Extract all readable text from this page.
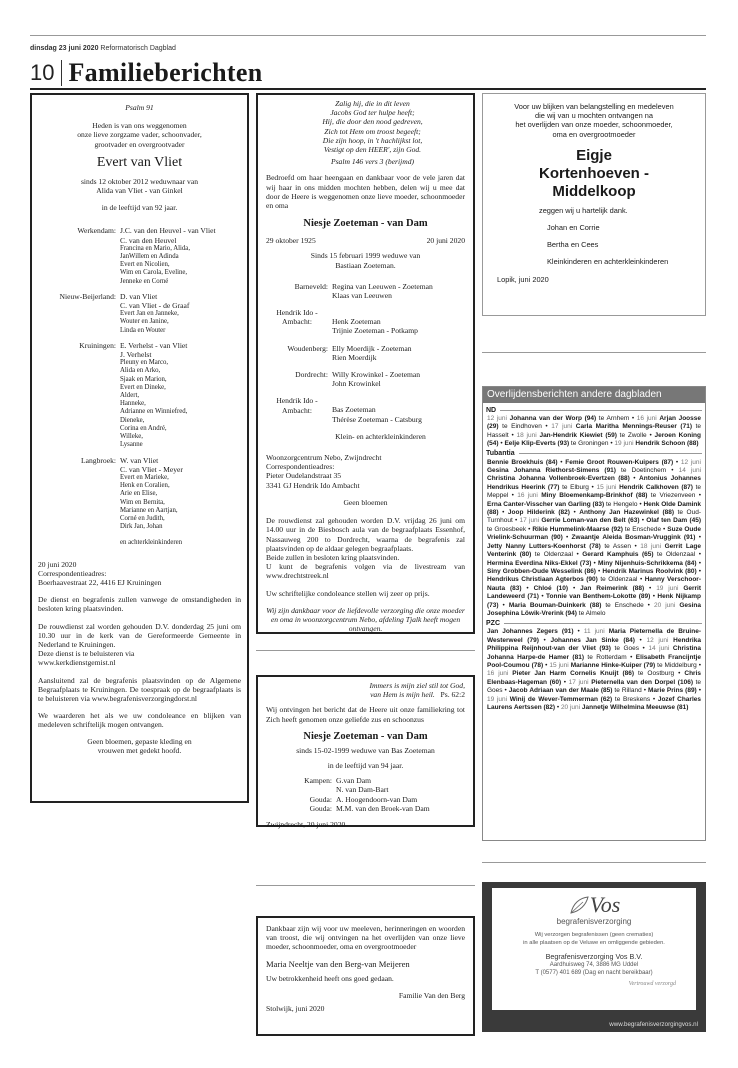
dinsdag 23 juni 2020 Reformatorisch Dagblad
10 Familieberichten
Psalm 91
Heden is van ons weggenomen
onze lieve zorgzame vader, schoonvader,
grootvader en overgrootvader
Evert van Vliet
sinds 12 oktober 2012 weduwnaar van
Alida van Vliet - van Ginkel
in de leeftijd van 92 jaar.
Werkendam: J.C. van den Heuvel - van Vliet
C. van den Heuvel
Francina en Mario, Alida,
JanWillem en Adinda
Evert en Nicolien,
Wim en Carola, Eveline,
Jenneke en Corné
Nieuw-Beijerland: D. van Vliet
C. van Vliet - de Graaf
Evert Jan en Janneke,
Wouter en Janine,
Linda en Wouter
Kruiningen: E. Verhelst - van Vliet
J. Verhelst
Pleuny en Marco,
Alida en Arko,
Sjaak en Marion,
Evert en Dineke,
Aldert,
Hanneke,
Adrianne en Winniefred,
Dieneke,
Corina en André,
Willeke,
Lysanne
Langbroek: W. van Vliet
C. van Vliet - Meyer
Evert en Marieke,
Henk en Coralien,
Arie en Elise,
Wim en Bernita,
Marianne en Aartjan,
Corné en Judith,
Dirk Jan, Johan
en achterkleinkinderen
20 juni 2020
Correspondentieadres:
Boerhaavestraat 22, 4416 EJ Kruiningen
De dienst en begrafenis zullen vanwege de omstandigheden in besloten kring plaatsvinden.
De rouwdienst zal worden gehouden D.V. donderdag 25 juni om 10.30 uur in de kerk van de Gereformeerde Gemeente in Nederland te Kruiningen.
Deze dienst is te beluisteren via
www.kerkdienstgemist.nl
Aansluitend zal de begrafenis plaatsvinden op de Algemene Begraafplaats te Kruiningen. De toespraak op de begraafplaats is te beluisteren via www.begrafenisverzorgingdorst.nl
We waarderen het als we uw condoleance en blijken van medeleven schriftelijk mogen ontvangen.
Geen bloemen, gepaste kleding en
vrouwen met gedekt hoofd.
Zalig hij, die in dit leven
Jacobs God ter hulpe heeft;
Hij, die door den nood gedreven,
Zich tot Hem om troost begeeft;
Die zijn hoop, in 't hachlijkst lot,
Vestigt op den HEER', zijn God.
Psalm 146 vers 3 (berijmd)
Bedroefd om haar heengaan en dankbaar voor de vele jaren dat wij haar in ons midden mochten hebben, delen wij u mee dat door de Heere is weggenomen onze lieve moeder, schoonmoeder en oma
Niesje Zoeteman - van Dam
29 oktober 1925	20 juni 2020
Sinds 15 februari 1999 weduwe van
Bastiaan Zoeteman.
Barneveld: Regina van Leeuwen - Zoeteman
Klaas van Leeuwen
Hendrik Ido - Ambacht:	Henk Zoeteman
Trijnie Zoeteman - Potkamp
Woudenberg: Elly Moerdijk - Zoeteman
Rien Moerdijk
Dordrecht: Willy Krowinkel - Zoeteman
John Krowinkel
Hendrik Ido - Ambacht:	Bas Zoeteman
Thérèse Zoeteman - Catsburg
Klein- en achterkleinkinderen
Woonzorgcentrum Nebo, Zwijndrecht
Correspondentieadres:
Pieter Oudelandstraat 35
3341 GJ Hendrik Ido Ambacht
Geen bloemen
De rouwdienst zal gehouden worden D.V. vrijdag 26 juni om 14.00 uur in de Biesbosch aula van de begraafplaats Essenhof, Nassauweg 200 to Dordrecht, waarna de begrafenis zal plaatsvinden op de aldaar gelegen begraafplaats.
Beide zullen in besloten kring plaatsvinden.
U kunt de begrafenis volgen via de livestream van www.drechtstreek.nl
Uw schriftelijke condoleance stellen wij zeer op prijs.
Wij zijn dankbaar voor de liefdevolle verzorging die onze moeder en oma in woonzorgcentrum Nebo, afdeling Tjalk heeft mogen ontvangen.
Immers is mijn ziel stil tot God,
van Hem is mijn heil. Ps. 62:2
Wij ontvingen het bericht dat de Heere uit onze familiekring tot Zich heeft genomen onze geliefde zus en schoonzus
Niesje Zoeteman - van Dam
sinds 15-02-1999 weduwe van Bas Zoeteman
in de leeftijd van 94 jaar.
Kampen: G.van Dam
N. van Dam-Bart
Gouda: A. Hoogendoorn-van Dam
Gouda: M.M. van den Broek-van Dam
Zwijndrecht, 20 juni 2020
Dankbaar zijn wij voor uw meeleven, herinneringen en woorden van troost, die wij ontvingen na het overlijden van onze lieve moeder, schoonmoeder, oma en overgrootmoeder
Maria Neeltje van den Berg-van Meijeren
Uw betrokkenheid heeft ons goed gedaan.
Familie Van den Berg
Stolwijk, juni 2020
Voor uw blijken van belangstelling en medeleven
die wij van u mochten ontvangen na
het overlijden van onze moeder, schoonmoeder,
oma en overgrootmoeder
Eigje
Kortenhoeven -
Middelkoop
zeggen wij u hartelijk dank.
Johan en Corrie
Bertha en Cees
Kleinkinderen en achterkleinkinderen
Lopik, juni 2020
Overlijdensberichten andere dagbladen
ND
12 juni Johanna van der Worp (94) te Arnhem • 16 juni Arjan Joosse (29) te Eindhoven • 17 juni Carla Maritha Mennings-Reuser (71) te Hasselt • 18 juni Jan-Hendrik Kiewiet (59) te Zwolle • Jeroen Koning (54) • Eelje Klip-Everts (93) te Groningen • 19 juni Hendrik Schoon (88)
Tubantia
Bennie Broekhuis (84) • Femie Groot Rouwen-Kuipers (87) • 12 juni Gesina Johanna Riethorst-Simens (91) te Doetinchem • 14 juni Christina Johanna Vollenbroek-Evertzen (88) • Antonius Johannes Hendrikus Heerink (77) te Elburg • 15 juni Hendrik Calkhoven (87) te Meppel • 16 juni Miny Bloemenkamp-Brinkhof (88) te Vriezenveen • Erna Canter-Visscher van Garling (83) te Hengelo • Henk Olde Damink (88) • Joop Hilderink (82) • Anthony Jan Hazewinkel (88) te Oud-Turnhout • 17 juni Gerrie Loman-van den Belt (63) • Olaf ten Dam (45) te Groesbeek • Rikie Hummelink-Maarse (92) te Enschede • Suze Oude Vrielink-Schuurman (90) • Zwaantje Aleida Bosman-Vruggink (91) • Jetty Nanny Lutters-Koenhorst (78) te Assen • 18 juni Gerrit Lage Venterink (80) te Oldenzaal • Gerard Kamphuis (65) te Oldenzaal • Hermina Everdina Niks-Ekkel (73) • Miny Nijenhuis-Schrikkema (84) • Siny Grobben-Oude Wesselink (86) • Hendrik Marinus Roolvink (80) • Hendrikus Christiaan Agterbos (90) te Oldenzaal • Hanny Verschoor-Nauta (83) • Chloé (10) • Jan Reimerink (88) • 19 juni Gerrit Landeweerd (71) • Tonnie van Benthem-Lokotte (89) • Henk Nijkamp (73) • Maria Bouman-Duinkerk (88) te Enschede • 20 juni Gesina Josephina Löwik-Vrerink (94) te Almelo
PZC
Jan Johannes Zegers (91) • 11 juni Maria Pieternella de Bruine-Westerweel (79) • Johannes Jan Sinke (84) • 12 juni Hendrika Philippina Reijnhout-van der Vliet (93) te Goes • 14 juni Christina Johanna Harpe-de Hamer (81) te Rotterdam • Elisabeth Francijntje Pool-Coumou (78) • 15 juni Marianne Hinke-Kuiper (79) te Middelburg • 16 juni Pieter Jan Harm Cornelis Knuijt (86) te Oostburg • Chris Elenbaas-Hageman (60) • 17 juni Pieternella van den Dorpel (106) te Goes • Jacob Adriaan van der Maale (85) te Rilland • Marie Prins (89) • 19 juni Winij de Wever-Temmerman (62) te Breskens • Jozef Charles Laurens Aertssen (82) • 20 juni Jannetje Wilhelmina Meeuwse (81)
Vos
begrafenisverzorging
Wij verzorgen begrafenissen (geen crematies)
in alle plaatsen op de Veluwe en omliggende gebieden.
Begrafenisverzorging Vos B.V.
Aardhuisweg 74, 3886 MG Uddel
T (0577) 401 689 (Dag en nacht bereikbaar)
Vertrouwd verzorgd
www.begrafenisverzorgingvos.nl
